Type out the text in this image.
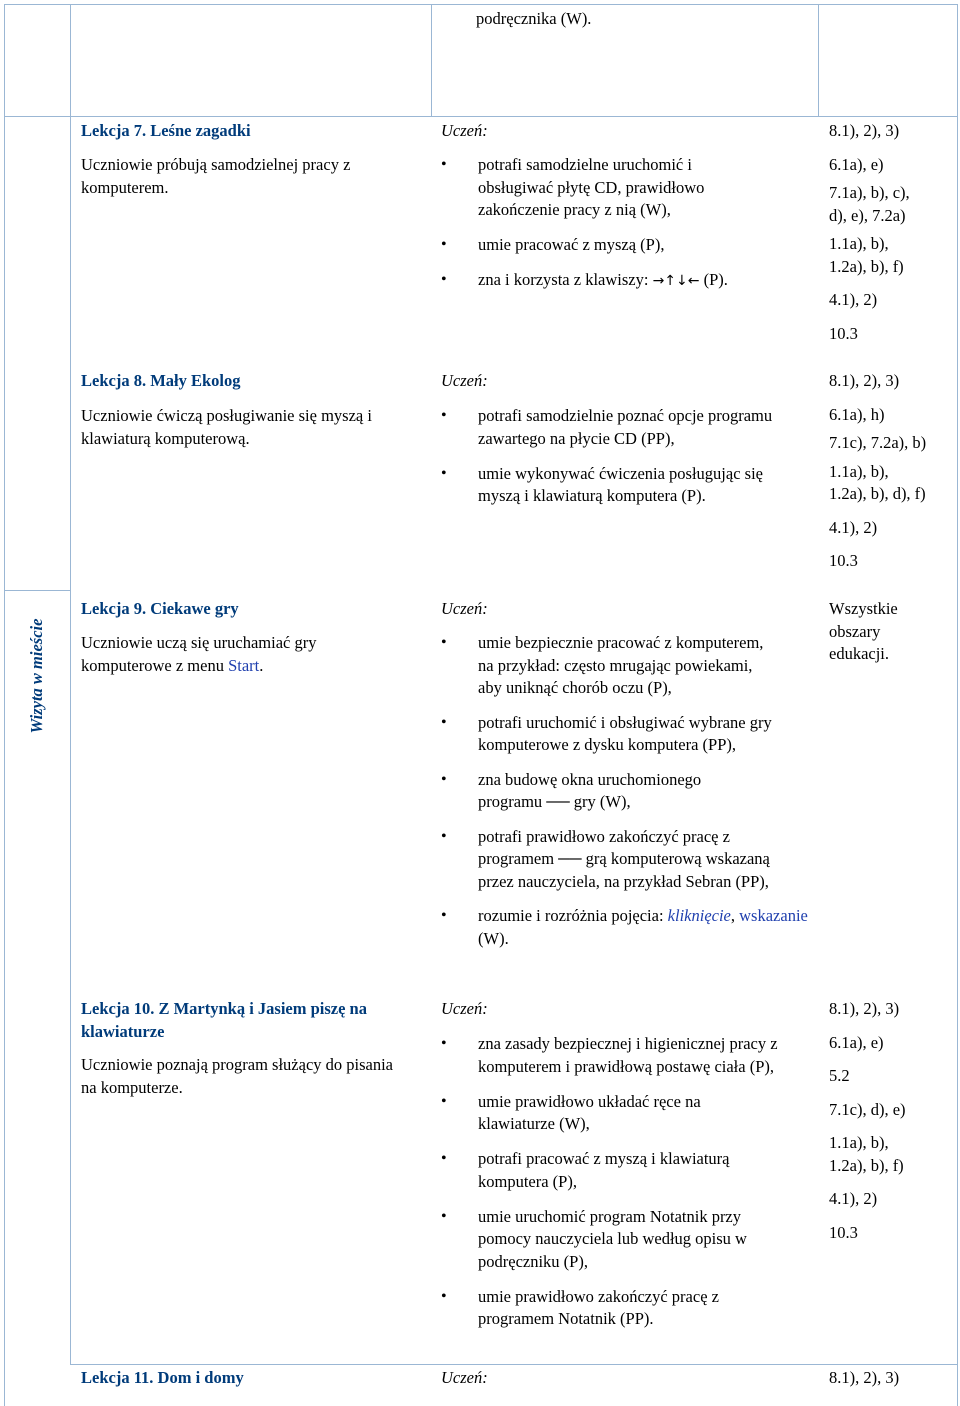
podręcznika (W).
Wizyta w mieście
Lekcja 7. Leśne zagadki
Uczniowie próbują samodzielnej pracy z komputerem.
Uczeń:
• potrafi samodzielne uruchomić i obsługiwać płytę CD, prawidłowo zakończenie pracy z nią (W),
• umie pracować z myszą (P),
• zna i korzysta z klawiszy: →↑↓← (P).
8.1), 2), 3)
6.1a), e)
7.1a), b), c),
d), e), 7.2a)
1.1a), b),
1.2a), b), f)
4.1), 2)
10.3
Lekcja 8. Mały Ekolog
Uczniowie ćwiczą posługiwanie się myszą i klawiaturą komputerową.
Uczeń:
• potrafi samodzielnie poznać opcje programu zawartego na płycie CD (PP),
• umie wykonywać ćwiczenia posługując się myszą i klawiaturą komputera (P).
8.1), 2), 3)
6.1a), h)
7.1c), 7.2a), b)
1.1a), b),
1.2a), b), d), f)
4.1), 2)
10.3
Lekcja 9. Ciekawe gry
Uczniowie uczą się uruchamiać gry komputerowe z menu Start.
Uczeń:
• umie bezpiecznie pracować z komputerem, na przykład: często mrugając powiekami, aby uniknąć chorób oczu (P),
• potrafi uruchomić i obsługiwać wybrane gry komputerowe z dysku komputera (PP),
• zna budowę okna uruchomionego programu ── gry (W),
• potrafi prawidłowo zakończyć pracę z programem ── grą komputerową wskazaną przez nauczyciela, na przykład Sebran (PP),
• rozumie i rozróżnia pojęcia: kliknięcie, wskazanie (W).
Wszystkie obszary edukacji.
Lekcja 10. Z Martynką i Jasiem piszę na klawiaturze
Uczniowie poznają program służący do pisania na komputerze.
Uczeń:
• zna zasady bezpiecznej i higienicznej pracy z komputerem i prawidłową postawę ciała (P),
• umie prawidłowo układać ręce na klawiaturze (W),
• potrafi pracować z myszą i klawiaturą komputera (P),
• umie uruchomić program Notatnik przy pomocy nauczyciela lub według opisu w podręczniku (P),
• umie prawidłowo zakończyć pracę z programem Notatnik (PP).
8.1), 2), 3)
6.1a), e)
5.2
7.1c), d), e)
1.1a), b),
1.2a), b), f)
4.1), 2)
10.3
Lekcja 11. Dom i domy	Uczeń:	8.1), 2), 3)
